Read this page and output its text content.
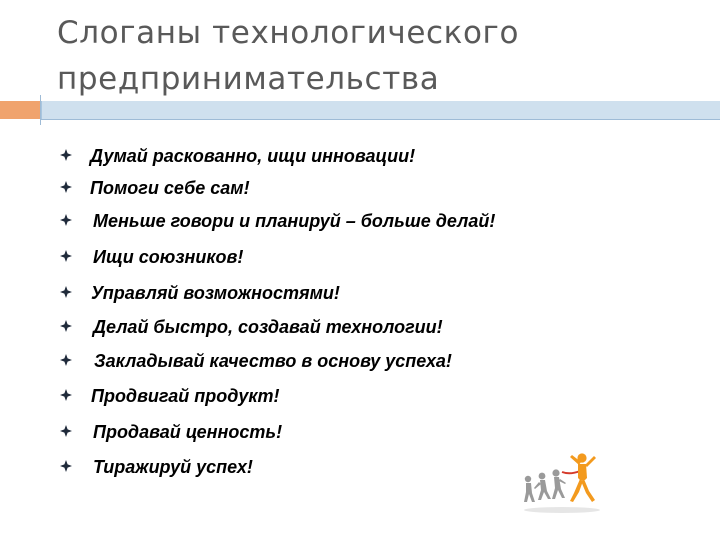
Слоганы технологического
предпринимательства
Думай раскованно, ищи инновации!
Помоги себе сам!
Меньше говори и планируй – больше делай!
Ищи союзников!
Управляй возможностями!
Делай быстро, создавай технологии!
Закладывай качество в основу успеха!
Продвигай продукт!
Продавай ценность!
Тиражируй успех!
